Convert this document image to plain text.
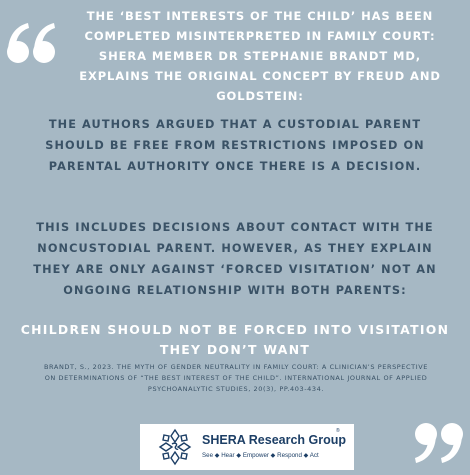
THE ‘BEST INTERESTS OF THE CHILD’ HAS BEEN COMPLETED MISINTERPRETED IN FAMILY COURT: SHERA MEMBER DR STEPHANIE BRANDT MD, EXPLAINS THE ORIGINAL CONCEPT BY FREUD AND GOLDSTEIN:
THE AUTHORS ARGUED THAT A CUSTODIAL PARENT SHOULD BE FREE FROM RESTRICTIONS IMPOSED ON PARENTAL AUTHORITY ONCE THERE IS A DECISION.
THIS INCLUDES DECISIONS ABOUT CONTACT WITH THE NONCUSTODIAL PARENT. HOWEVER, AS THEY EXPLAIN THEY ARE ONLY AGAINST ‘FORCED VISITATION’ NOT AN ONGOING RELATIONSHIP WITH BOTH PARENTS:
CHILDREN SHOULD NOT BE FORCED INTO VISITATION THEY DON’T WANT
BRANDT, S., 2023. THE MYTH OF GENDER NEUTRALITY IN FAMILY COURT: A CLINICIAN’S PERSPECTIVE ON DETERMINATIONS OF “THE BEST INTEREST OF THE CHILD”. INTERNATIONAL JOURNAL OF APPLIED PSYCHOANALYTIC STUDIES, 20(3), PP.403-434.
SHERA Research Group
®
See ◆ Hear ◆ Empower ◆ Respond ◆ Act
